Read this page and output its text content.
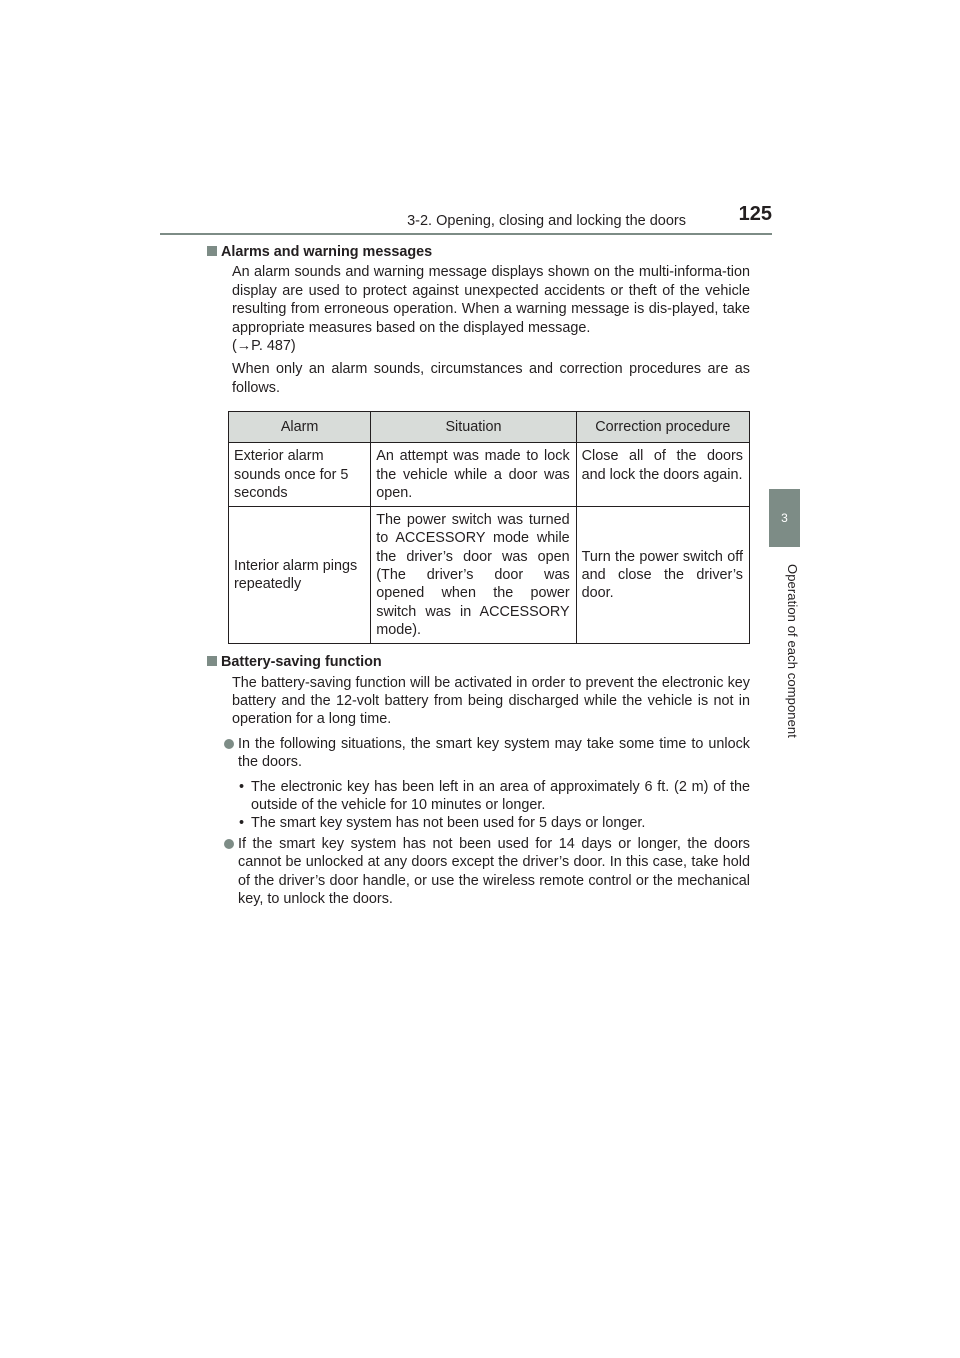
3-2. Opening, closing and locking the doors	125
3
Operation of each component
Alarms and warning messages

An alarm sounds and warning message displays shown on the multi-informa-tion display are used to protect against unexpected accidents or theft of the vehicle resulting from erroneous operation. When a warning message is dis-played, take appropriate measures based on the displayed message.

(→P. 487)

When only an alarm sounds, circumstances and correction procedures are as follows.

Alarm	Situation	Correction procedure
Exterior alarm sounds once for 5 seconds	An attempt was made to lock the vehicle while a door was open.	Close all of the doors and lock the doors again.
Interior alarm pings repeatedly	The power switch was turned to ACCESSORY mode while the driver’s door was open (The driver’s door was opened when the power switch was in ACCESSORY mode).	Turn the power switch off and close the driver’s door.
Battery-saving function

The battery-saving function will be activated in order to prevent the electronic key battery and the 12-volt battery from being discharged while the vehicle is not in operation for a long time.

In the following situations, the smart key system may take some time to unlock the doors.

• The electronic key has been left in an area of approximately 6 ft. (2 m) of the outside of the vehicle for 10 minutes or longer.

• The smart key system has not been used for 5 days or longer.

If the smart key system has not been used for 14 days or longer, the doors cannot be unlocked at any doors except the driver’s door. In this case, take hold of the driver’s door handle, or use the wireless remote control or the mechanical key, to unlock the doors.
